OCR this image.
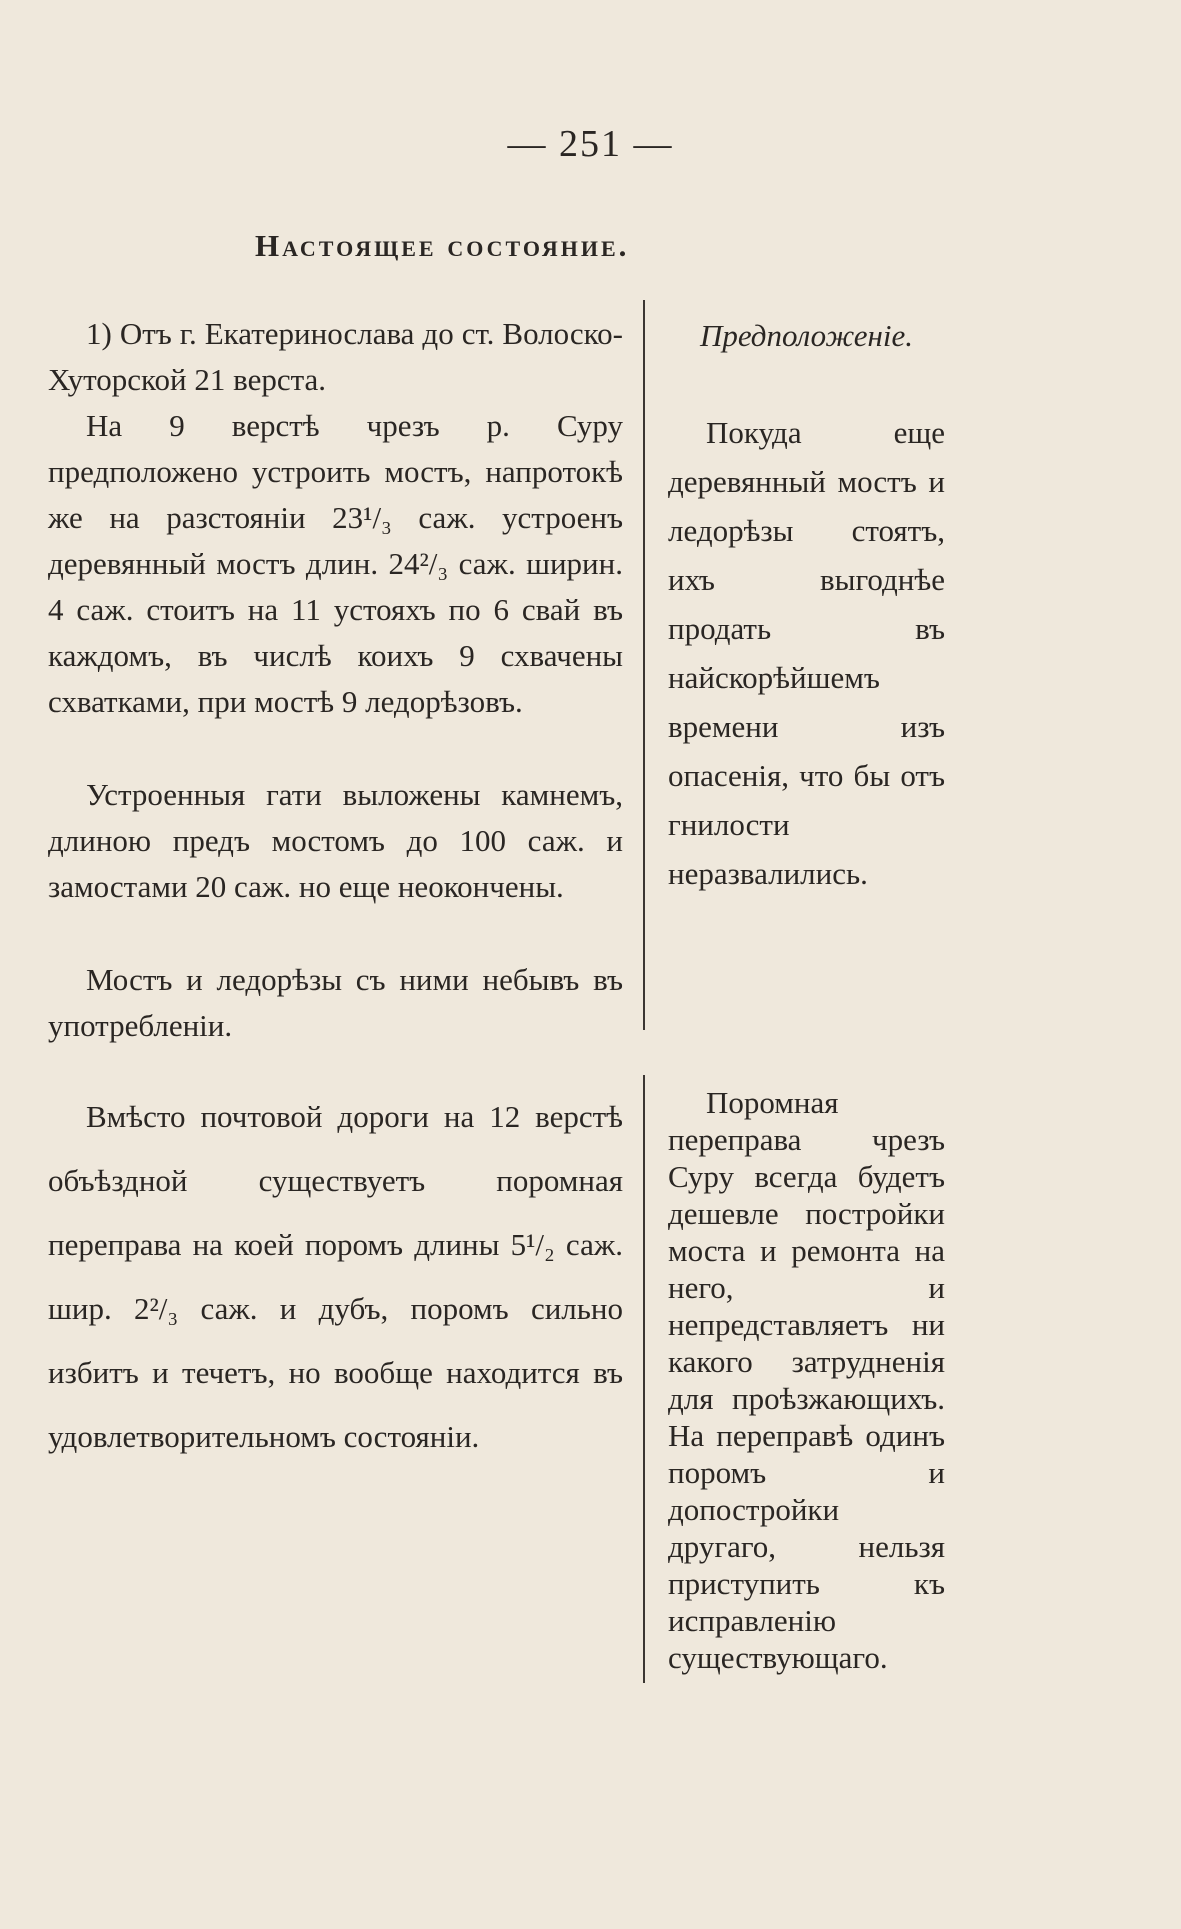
— 251 —
Настоящее состояние.

1) Отъ г. Екатеринослава до ст. Волоско-Хуторской 21 верста.

На 9 верстѣ чрезъ р. Суру предположено устроить мостъ, напротокѣ же на разстояніи 23¹/₃ саж. устроенъ деревянный мостъ длин. 24²/₃ саж. ширин. 4 саж. стоитъ на 11 устояхъ по 6 свай въ каждомъ, въ числѣ коихъ 9 схвачены схватками, при мостѣ 9 ледорѣзовъ.

Устроенныя гати выложены камнемъ, длиною предъ мостомъ до 100 саж. и замостами 20 саж. но еще неокончены.

Мостъ и ледорѣзы съ ними небывъ въ употребленіи.

Вмѣсто почтовой дороги на 12 верстѣ объѣздной существуетъ поромная переправа на коей поромъ длины 5¹/₂ саж. шир. 2²/₃ саж. и дубъ, поромъ сильно избитъ и течетъ, но вообще находится въ удовлетворительномъ состояніи.

Предположеніе.

Покуда еще деревянный мостъ и ледорѣзы стоятъ, ихъ выгоднѣе продать въ найскорѣйшемъ времени изъ опасенія, что бы отъ гнилости неразвалились.

Поромная переправа чрезъ Суру всегда будетъ дешевле постройки моста и ремонта на него, и непредставляетъ ни какого затрудненія для проѣзжающихъ. На переправѣ одинъ поромъ и допостройки другаго, нельзя приступить къ исправленію существующаго.
